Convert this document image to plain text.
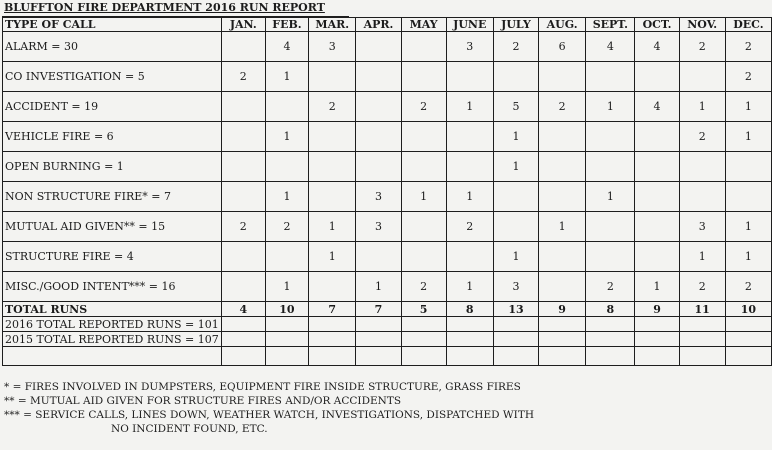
BLUFFTON FIRE DEPARTMENT 2016 RUN REPORT
TYPE OF CALL	JAN.	FEB.	MAR.	APR.	MAY	JUNE	JULY	AUG.	SEPT.	OCT.	NOV.	DEC.
ALARM = 30		4	3			3	2	6	4	4	2	2
CO INVESTIGATION = 5	2	1										2
ACCIDENT = 19			2		2	1	5	2	1	4	1	1
VEHICLE FIRE = 6		1					1				2	1
OPEN BURNING = 1							1					
NON STRUCTURE FIRE* = 7		1		3	1	1			1			
MUTUAL AID GIVEN** = 15	2	2	1	3		2		1			3	1
STRUCTURE FIRE = 4			1				1				1	1
MISC./GOOD INTENT*** = 16		1		1	2	1	3		2	1	2	2
TOTAL RUNS	4	10	7	7	5	8	13	9	8	9	11	10
2016 TOTAL REPORTED RUNS = 101												
2015 TOTAL REPORTED RUNS = 107												

* = FIRES INVOLVED IN DUMPSTERS, EQUIPMENT FIRE INSIDE STRUCTURE, GRASS FIRES
** = MUTUAL AID GIVEN FOR STRUCTURE FIRES AND/OR ACCIDENTS
*** = SERVICE CALLS, LINES DOWN, WEATHER WATCH, INVESTIGATIONS, DISPATCHED WITH
NO INCIDENT FOUND, ETC.
